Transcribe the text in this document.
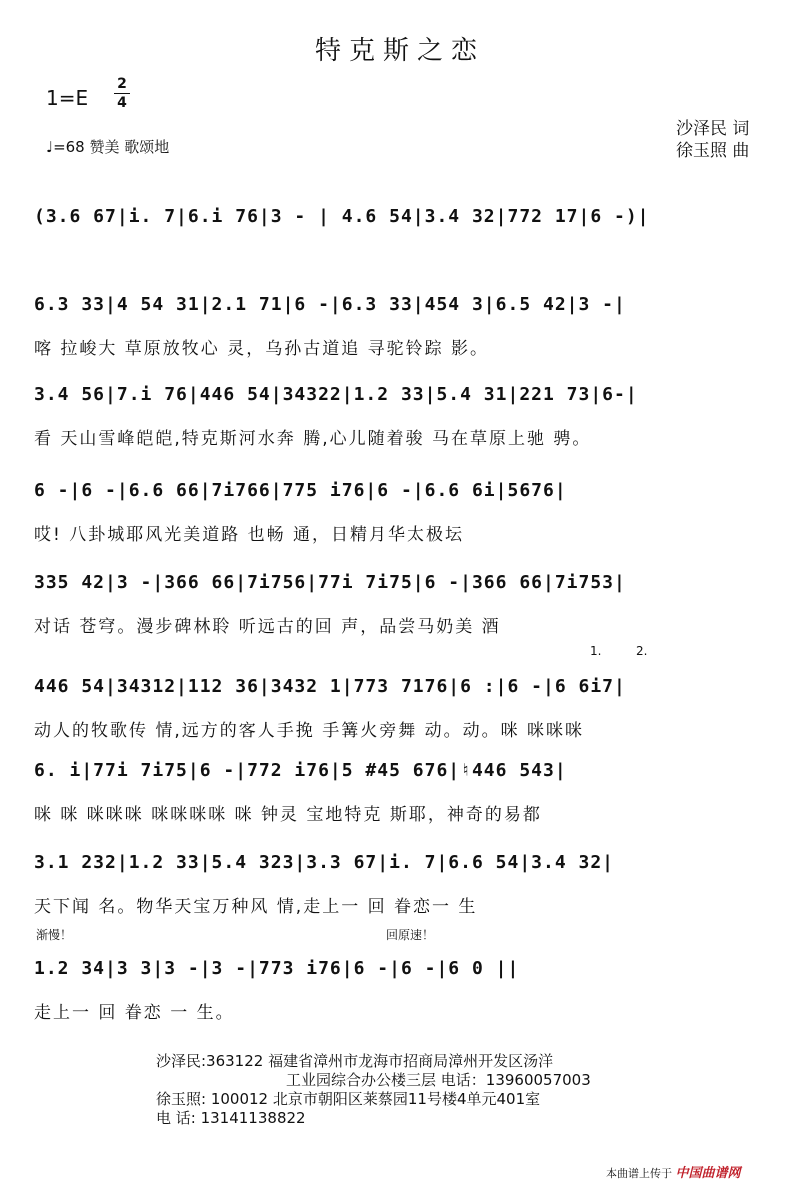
特克斯之恋
1=E
2
4
♩=68 赞美 歌颂地
沙泽民 词
徐玉照 曲
(3.6 67|i. 7|6.i 76|3 - | 4.6 54|3.4 32|772 17|6 -)|
6.3 33|4 54 31|2.1 71|6 -|6.3 33|454 3|6.5 42|3 -|
喀 拉峻大 草原放牧心 灵，乌孙古道追 寻驼铃踪 影。
3.4 56|7.i 76|446 54|34322|1.2 33|5.4 31|221 73|6-|
看 天山雪峰皑皑,特克斯河水奔 腾,心儿随着骏 马在草原上驰 骋。
6 -|6 -|6.6 66|7i766|775 i76|6 -|6.6 6i|5676|
哎! 八卦城耶风光美道路 也畅 通，日精月华太极坛
335 42|3 -|366 66|7i756|77i 7i75|6 -|366 66|7i753|
对话 苍穹。漫步碑林聆 听远古的回 声，品尝马奶美 酒
1.	2.
446 54|34312|112 36|3432 1|773 7176|6 :|6 -|6 6i7|
动人的牧歌传 情,远方的客人手挽 手篝火旁舞 动。动。咪 咪咪咪
6. i|77i 7i75|6 -|772 i76|5 #45 676|♮446 543|
咪 咪 咪咪咪 咪咪咪咪 咪 钟灵 宝地特克 斯耶，神奇的易都
3.1 232|1.2 33|5.4 323|3.3 67|i. 7|6.6 54|3.4 32|
天下闻 名。物华天宝万种风 情,走上一 回 眷恋一 生
渐慢！	回原速！
1.2 34|3 3|3 -|3 -|773 i76|6 -|6 -|6 0 ||
走上一 回 眷恋 一 生。
沙泽民:363122 福建省漳州市龙海市招商局漳州开发区汤洋
工业园综合办公楼三层 电话：13960057003
徐玉照: 100012 北京市朝阳区莱蔡园11号楼4单元401室
电 话: 13141138822
本曲谱上传于 中国曲谱网
